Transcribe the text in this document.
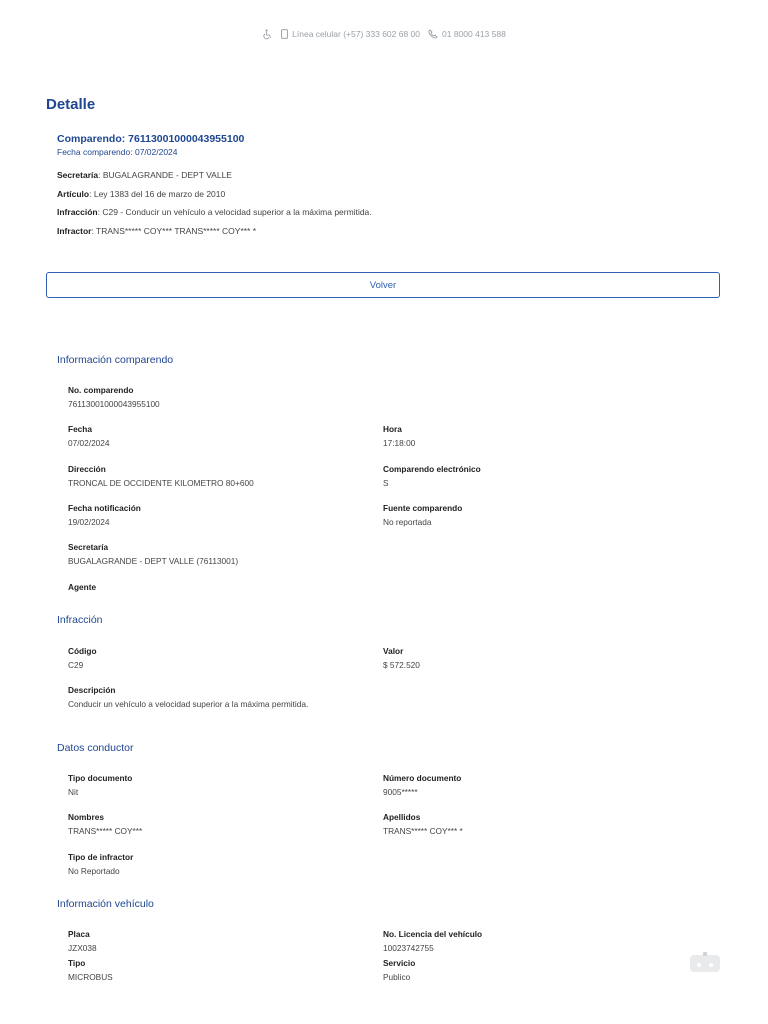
Línea celular (+57) 333 602 68 00	01 8000 413 588
Detalle
Comparendo: 76113001000043955100
Fecha comparendo: 07/02/2024
Secretaría: BUGALAGRANDE - DEPT VALLE
Artículo: Ley 1383 del 16 de marzo de 2010
Infracción: C29 - Conducir un vehículo a velocidad superior a la máxima permitida.
Infractor: TRANS***** COY*** TRANS***** COY*** *
Volver
Información comparendo
No. comparendo
76113001000043955100
Fecha
07/02/2024
Hora
17:18:00
Dirección
TRONCAL DE OCCIDENTE KILOMETRO 80+600
Comparendo electrónico
S
Fecha notificación
19/02/2024
Fuente comparendo
No reportada
Secretaría
BUGALAGRANDE - DEPT VALLE (76113001)
Agente
Infracción
Código
C29
Valor
$ 572.520
Descripción
Conducir un vehículo a velocidad superior a la máxima permitida.
Datos conductor
Tipo documento
Nit
Número documento
9005*****
Nombres
TRANS***** COY***
Apellidos
TRANS***** COY*** *
Tipo de infractor
No Reportado
Información vehículo
Placa
JZX038
No. Licencia del vehículo
10023742755
Tipo
MICROBUS
Servicio
Publico
